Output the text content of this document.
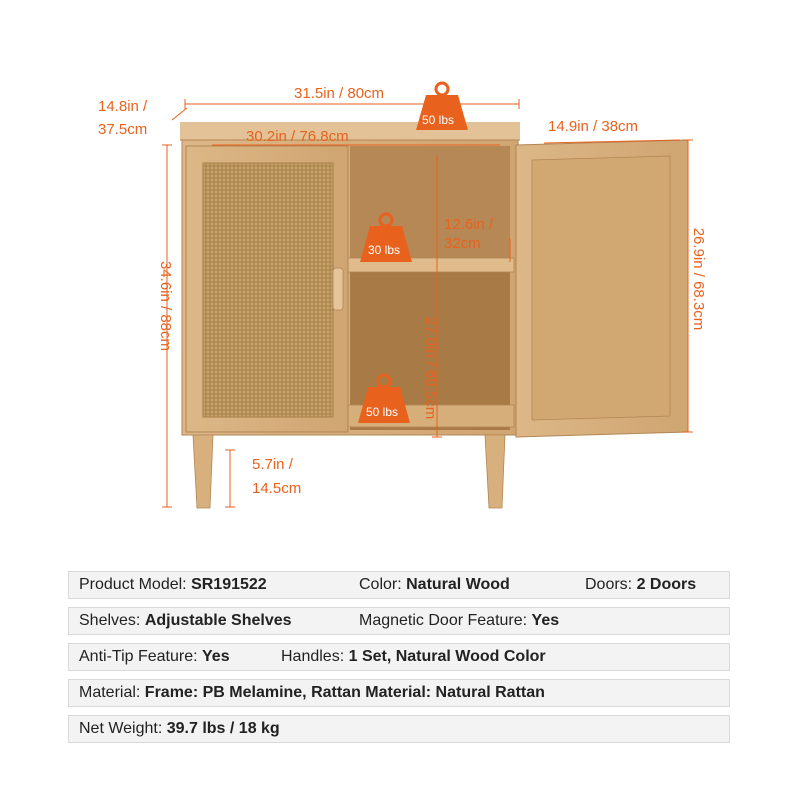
31.5in / 80cm
14.8in /
37.5cm	30.2in / 76.8cm
14.9in / 38cm
34.6in / 88cm
12.6in /
32cm
27.0in / 68.5cm
26.9in / 68.3cm
5.7in /
14.5cm
50 lbs
30 lbs
50 lbs
Product Model: SR191522	Color: Natural Wood	Doors: 2 Doors
Shelves: Adjustable Shelves	Magnetic Door Feature: Yes
Anti-Tip Feature: Yes	Handles: 1 Set, Natural Wood Color
Material: Frame: PB Melamine, Rattan Material: Natural Rattan
Net Weight: 39.7 lbs / 18 kg
